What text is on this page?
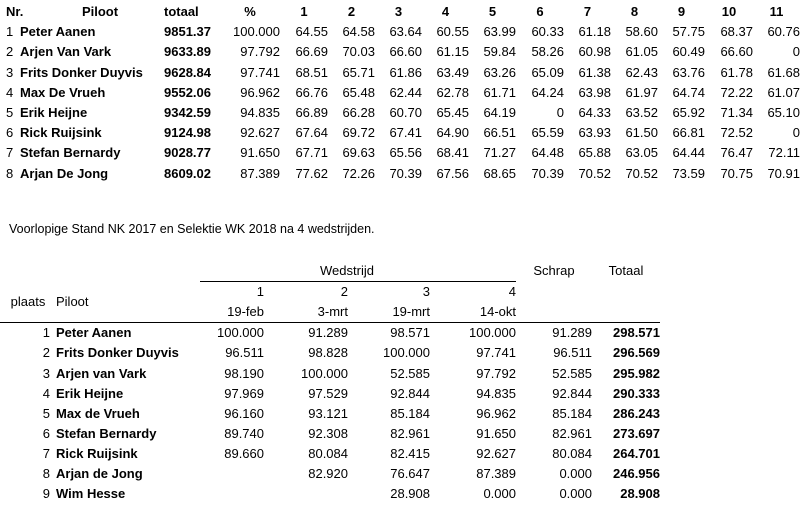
Nr.	Piloot	totaal	%	1	2	3	4	5	6	7	8	9	10	11
1	Peter Aanen	9851.37	100.000	64.55	64.58	63.64	60.55	63.99	60.33	61.18	58.60	57.75	68.37	60.76
2	Arjen Van Vark	9633.89	97.792	66.69	70.03	66.60	61.15	59.84	58.26	60.98	61.05	60.49	66.60	0
3	Frits Donker Duyvis	9628.84	97.741	68.51	65.71	61.86	63.49	63.26	65.09	61.38	62.43	63.76	61.78	61.68
4	Max De Vrueh	9552.06	96.962	66.76	65.48	62.44	62.78	61.71	64.24	63.98	61.97	64.74	72.22	61.07
5	Erik Heijne	9342.59	94.835	66.89	66.28	60.70	65.45	64.19	0	64.33	63.52	65.92	71.34	65.10
6	Rick Ruijsink	9124.98	92.627	67.64	69.72	67.41	64.90	66.51	65.59	63.93	61.50	66.81	72.52	0
7	Stefan Bernardy	9028.77	91.650	67.71	69.63	65.56	68.41	71.27	64.48	65.88	63.05	64.44	76.47	72.11
8	Arjan De Jong	8609.02	87.389	77.62	72.26	70.39	67.56	68.65	70.39	70.52	70.52	73.59	70.75	70.91
Voorlopige Stand NK 2017 en Selektie WK 2018 na 4 wedstrijden.
			Wedstrijd			Schrap	Totaal
		1	2	3	4		
plaats	Piloot	19-feb	3-mrt	19-mrt	14-okt		
1	Peter Aanen	100.000	91.289	98.571	100.000	91.289	298.571
2	Frits Donker Duyvis	96.511	98.828	100.000	97.741	96.511	296.569
3	Arjen van Vark	98.190	100.000	52.585	97.792	52.585	295.982
4	Erik Heijne	97.969	97.529	92.844	94.835	92.844	290.333
5	Max de Vrueh	96.160	93.121	85.184	96.962	85.184	286.243
6	Stefan Bernardy	89.740	92.308	82.961	91.650	82.961	273.697
7	Rick Ruijsink	89.660	80.084	82.415	92.627	80.084	264.701
8	Arjan de Jong		82.920	76.647	87.389	0.000	246.956
9	Wim Hesse			28.908	0.000	0.000	28.908
